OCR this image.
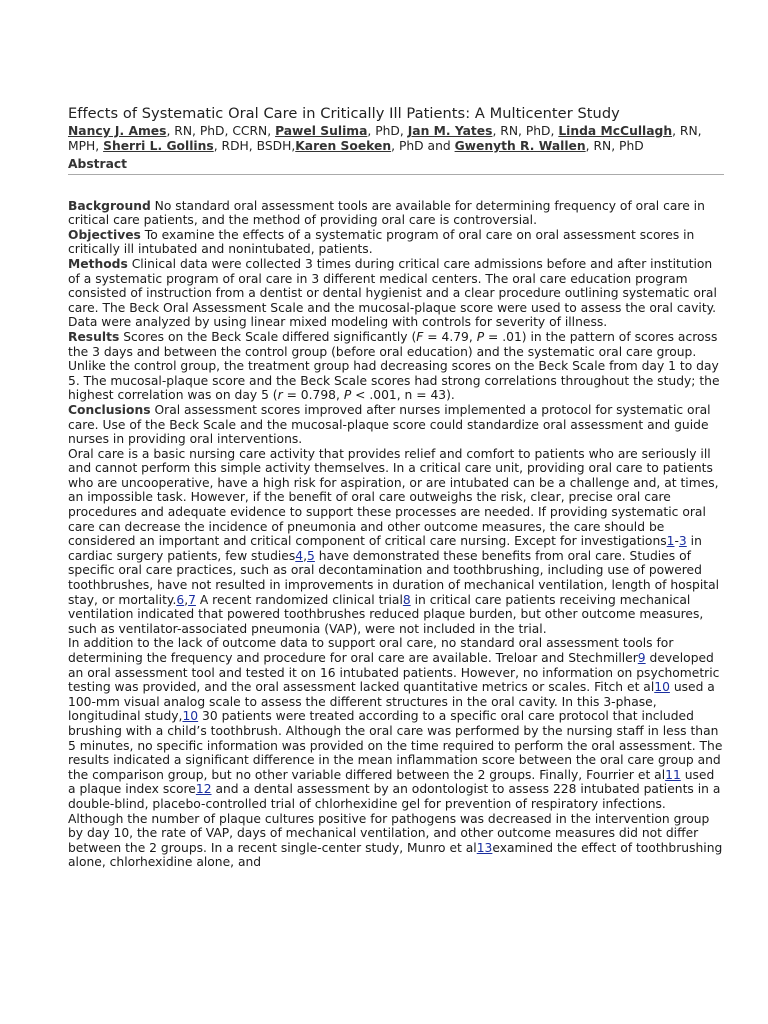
Effects of Systematic Oral Care in Critically Ill Patients: A Multicenter Study
Nancy J. Ames, RN, PhD, CCRN, Pawel Sulima, PhD, Jan M. Yates, RN, PhD, Linda McCullagh, RN, MPH, Sherri L. Gollins, RDH, BSDH,Karen Soeken, PhD and Gwenyth R. Wallen, RN, PhD
Abstract

Background No standard oral assessment tools are available for determining frequency of oral care in critical care patients, and the method of providing oral care is controversial.

Objectives To examine the effects of a systematic program of oral care on oral assessment scores in critically ill intubated and nonintubated, patients.

Methods Clinical data were collected 3 times during critical care admissions before and after institution of a systematic program of oral care in 3 different medical centers. The oral care education program consisted of instruction from a dentist or dental hygienist and a clear procedure outlining systematic oral care. The Beck Oral Assessment Scale and the mucosal-plaque score were used to assess the oral cavity. Data were analyzed by using linear mixed modeling with controls for severity of illness.

Results Scores on the Beck Scale differed significantly (F = 4.79, P = .01) in the pattern of scores across the 3 days and between the control group (before oral education) and the systematic oral care group. Unlike the control group, the treatment group had decreasing scores on the Beck Scale from day 1 to day 5. The mucosal-plaque score and the Beck Scale scores had strong correlations throughout the study; the highest correlation was on day 5 (r = 0.798, P < .001, n = 43).

Conclusions Oral assessment scores improved after nurses implemented a protocol for systematic oral care. Use of the Beck Scale and the mucosal-plaque score could standardize oral assessment and guide nurses in providing oral interventions.

Oral care is a basic nursing care activity that provides relief and comfort to patients who are seriously ill and cannot perform this simple activity themselves. In a critical care unit, providing oral care to patients who are uncooperative, have a high risk for aspiration, or are intubated can be a challenge and, at times, an impossible task. However, if the benefit of oral care outweighs the risk, clear, precise oral care procedures and adequate evidence to support these processes are needed. If providing systematic oral care can decrease the incidence of pneumonia and other outcome measures, the care should be considered an important and critical component of critical care nursing. Except for investigations1-3 in cardiac surgery patients, few studies4,5 have demonstrated these benefits from oral care. Studies of specific oral care practices, such as oral decontamination and toothbrushing, including use of powered toothbrushes, have not resulted in improvements in duration of mechanical ventilation, length of hospital stay, or mortality.6,7 A recent randomized clinical trial8 in critical care patients receiving mechanical ventilation indicated that powered toothbrushes reduced plaque burden, but other outcome measures, such as ventilator-associated pneumonia (VAP), were not included in the trial.

In addition to the lack of outcome data to support oral care, no standard oral assessment tools for determining the frequency and procedure for oral care are available. Treloar and Stechmiller9 developed an oral assessment tool and tested it on 16 intubated patients. However, no information on psychometric testing was provided, and the oral assessment lacked quantitative metrics or scales. Fitch et al10 used a 100-mm visual analog scale to assess the different structures in the oral cavity. In this 3-phase, longitudinal study,10 30 patients were treated according to a specific oral care protocol that included brushing with a child’s toothbrush. Although the oral care was performed by the nursing staff in less than 5 minutes, no specific information was provided on the time required to perform the oral assessment. The results indicated a significant difference in the mean inflammation score between the oral care group and the comparison group, but no other variable differed between the 2 groups. Finally, Fourrier et al11 used a plaque index score12 and a dental assessment by an odontologist to assess 228 intubated patients in a double-blind, placebo-controlled trial of chlorhexidine gel for prevention of respiratory infections. Although the number of plaque cultures positive for pathogens was decreased in the intervention group by day 10, the rate of VAP, days of mechanical ventilation, and other outcome measures did not differ between the 2 groups. In a recent single-center study, Munro et al13examined the effect of toothbrushing alone, chlorhexidine alone, and
